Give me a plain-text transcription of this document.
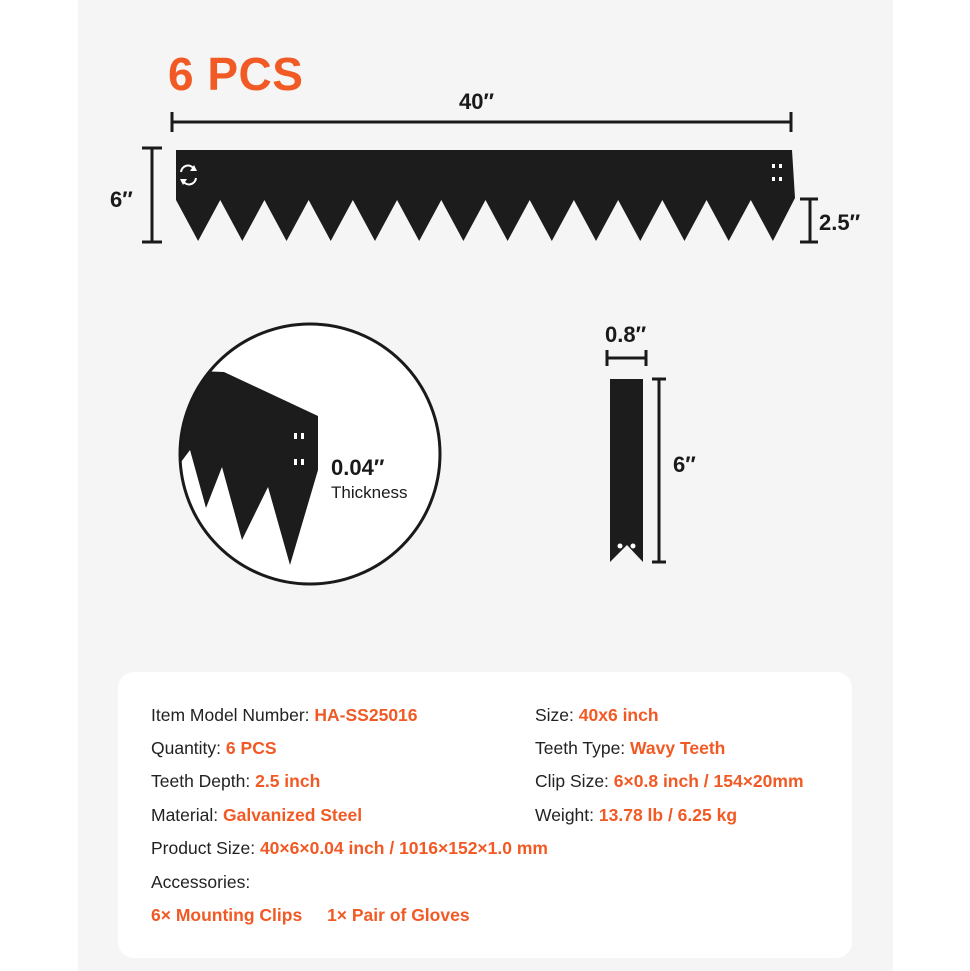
6 PCS
40″
6″
2.5″
0.04″
Thickness
0.8″
6″
Item Model Number: HA-SS25016	Size: 40x6 inch
Quantity: 6 PCS	Teeth Type: Wavy Teeth
Teeth Depth: 2.5 inch	Clip Size: 6×0.8 inch / 154×20mm
Material: Galvanized Steel	Weight: 13.78 lb / 6.25 kg
Product Size: 40×6×0.04 inch / 1016×152×1.0 mm
Accessories:
6× Mounting Clips 1× Pair of Gloves
